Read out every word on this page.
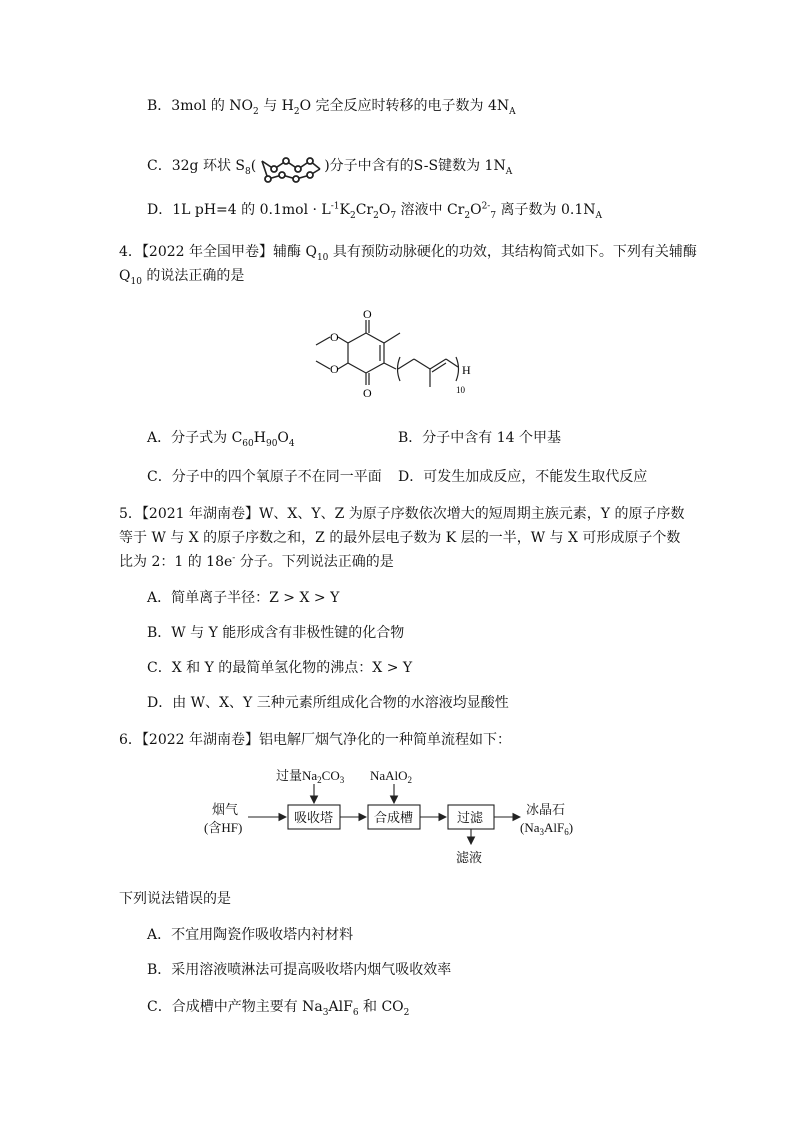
B．3mol 的 $NO_2$ 与 $H_2O$ 完全反应时转移的电子数为 $4N_A$
C．32g 环状 $S_8$(	)分子中含有的S-S键数为 $1N_A$
D．1L pH=4 的 $0.1mol \cdot L^{-1}K_2Cr_2O_7$ 溶液中 $Cr_2O^{2-}_7$ 离子数为 $0.1N_A$
4．【2022 年全国甲卷】辅酶 $Q_{10}$ 具有预防动脉硬化的功效，其结构简式如下。下列有关辅酶
$Q_{10}$ 的说法正确的是
O
O
O
O	H
10
A．分子式为 $C_{60}H_{90}O_4$	B．分子中含有 14 个甲基
C．分子中的四个氧原子不在同一平面 D．可发生加成反应，不能发生取代反应
5．【2021 年湖南卷】W、X、Y、Z 为原子序数依次增大的短周期主族元素，Y 的原子序数
等于 W 与 X 的原子序数之和，Z 的最外层电子数为 K 层的一半，W 与 X 可形成原子个数
比为 2：1 的 18e- 分子。下列说法正确的是
A．简单离子半径：Z > X > Y
B．W 与 Y 能形成含有非极性键的化合物
C．X 和 Y 的最简单氢化物的沸点：X > Y
D．由 W、X、Y 三种元素所组成化合物的水溶液均显酸性
6．【2022 年湖南卷】铝电解厂烟气净化的一种简单流程如下：
烟气
(含HF)
过量$Na_2CO_3$ NaAlO$_2$
吸收塔	合成槽	过滤
冰晶石
$(Na_3AlF_6)$
滤液
下列说法错误的是
A．不宜用陶瓷作吸收塔内衬材料
B．采用溶液喷淋法可提高吸收塔内烟气吸收效率
C．合成槽中产物主要有 $Na_3AlF_6$ 和 $CO_2$
